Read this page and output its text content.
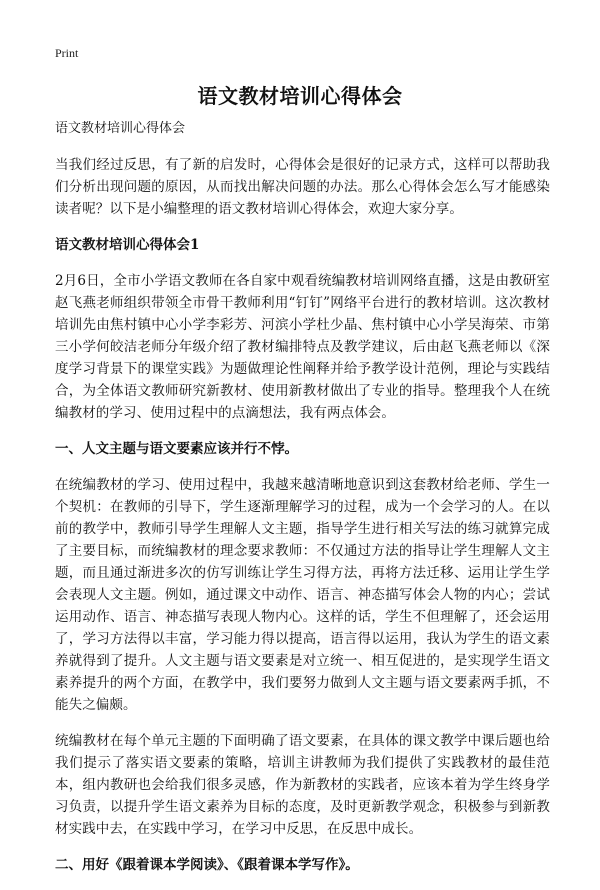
Print
语文教材培训心得体会

语文教材培训心得体会

当我们经过反思，有了新的启发时，心得体会是很好的记录方式，这样可以帮助我们分析出现问题的原因，从而找出解决问题的办法。那么心得体会怎么写才能感染读者呢？以下是小编整理的语文教材培训心得体会，欢迎大家分享。

语文教材培训心得体会1

2月6日，全市小学语文教师在各自家中观看统编教材培训网络直播，这是由教研室赵飞燕老师组织带领全市骨干教师利用“钉钉”网络平台进行的教材培训。这次教材培训先由焦村镇中心小学李彩芳、河滨小学杜少晶、焦村镇中心小学吴海荣、市第三小学何皎洁老师分年级介绍了教材编排特点及教学建议，后由赵飞燕老师以《深度学习背景下的课堂实践》为题做理论性阐释并给予教学设计范例，理论与实践结合，为全体语文教师研究新教材、使用新教材做出了专业的指导。整理我个人在统编教材的学习、使用过程中的点滴想法，我有两点体会。

一、人文主题与语文要素应该并行不悖。

在统编教材的学习、使用过程中，我越来越清晰地意识到这套教材给老师、学生一个契机：在教师的引导下，学生逐渐理解学习的过程，成为一个会学习的人。在以前的教学中，教师引导学生理解人文主题，指导学生进行相关写法的练习就算完成了主要目标，而统编教材的理念要求教师：不仅通过方法的指导让学生理解人文主题，而且通过渐进多次的仿写训练让学生习得方法，再将方法迁移、运用让学生学会表现人文主题。例如，通过课文中动作、语言、神态描写体会人物的内心；尝试运用动作、语言、神态描写表现人物内心。这样的话，学生不但理解了，还会运用了，学习方法得以丰富，学习能力得以提高，语言得以运用，我认为学生的语文素养就得到了提升。人文主题与语文要素是对立统一、相互促进的，是实现学生语文素养提升的两个方面，在教学中，我们要努力做到人文主题与语文要素两手抓，不能失之偏颇。

统编教材在每个单元主题的下面明确了语文要素，在具体的课文教学中课后题也给我们提示了落实语文要素的策略，培训主讲教师为我们提供了实践教材的最佳范本，组内教研也会给我们很多灵感，作为新教材的实践者，应该本着为学生终身学习负责，以提升学生语文素养为目标的态度，及时更新教学观念，积极参与到新教材实践中去，在实践中学习，在学习中反思，在反思中成长。

二、用好《跟着课本学阅读》、《跟着课本学写作》。
